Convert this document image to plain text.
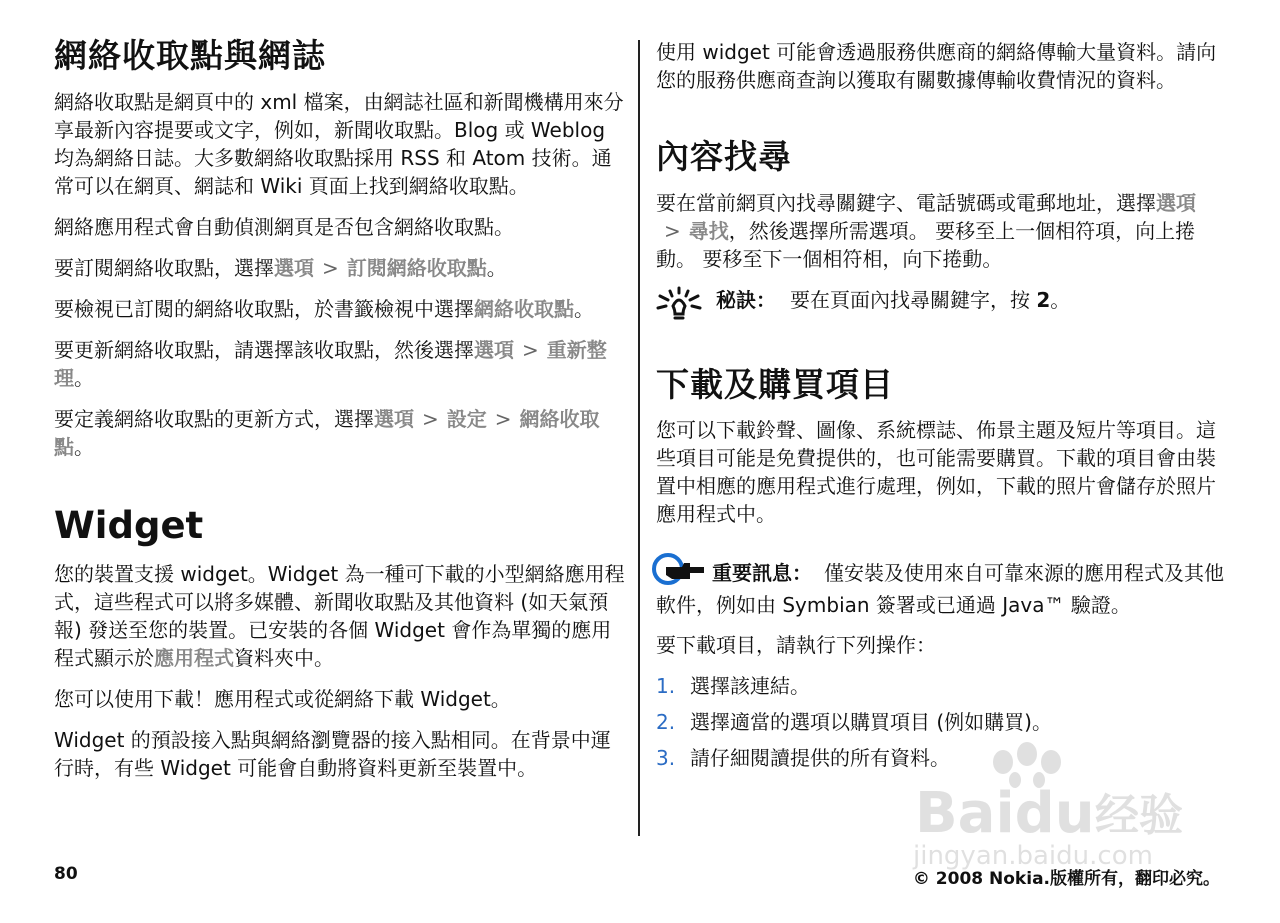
網絡收取點與網誌

網絡收取點是網頁中的 xml 檔案，由網誌社區和新聞機構用來分享最新內容提要或文字，例如，新聞收取點。Blog 或 Weblog 均為網絡日誌。大多數網絡收取點採用 RSS 和 Atom 技術。通常可以在網頁、網誌和 Wiki 頁面上找到網絡收取點。

網絡應用程式會自動偵測網頁是否包含網絡收取點。

要訂閱網絡收取點，選擇選項 > 訂閱網絡收取點。

要檢視已訂閱的網絡收取點，於書籤檢視中選擇網絡收取點。

要更新網絡收取點，請選擇該收取點，然後選擇選項 > 重新整理。

要定義網絡收取點的更新方式，選擇選項 > 設定 > 網絡收取點。

Widget

您的裝置支援 widget。Widget 為一種可下載的小型網絡應用程式，這些程式可以將多媒體、新聞收取點及其他資料 (如天氣預報) 發送至您的裝置。已安裝的各個 Widget 會作為單獨的應用程式顯示於應用程式資料夾中。

您可以使用下載！應用程式或從網絡下載 Widget。

Widget 的預設接入點與網絡瀏覽器的接入點相同。在背景中運行時，有些 Widget 可能會自動將資料更新至裝置中。

使用 widget 可能會透過服務供應商的網絡傳輸大量資料。請向您的服務供應商查詢以獲取有關數據傳輸收費情況的資料。

內容找尋

要在當前網頁內找尋關鍵字、電話號碼或電郵地址，選擇選項> 尋找，然後選擇所需選項。 要移至上一個相符項，向上捲動。 要移至下一個相符相，向下捲動。

秘訣： 要在頁面內找尋關鍵字，按 2。
下載及購買項目

您可以下載鈴聲、圖像、系統標誌、佈景主題及短片等項目。這些項目可能是免費提供的，也可能需要購買。下載的項目會由裝置中相應的應用程式進行處理，例如，下載的照片會儲存於照片應用程式中。

重要訊息： 僅安裝及使用來自可靠來源的應用程式及其他軟件，例如由 Symbian 簽署或已通過 Java™ 驗證。

要下載項目，請執行下列操作：

1. 選擇該連結。
2. 選擇適當的選項以購買項目 (例如購買)。
3. 請仔細閱讀提供的所有資料。
Baidu 经验
jingyan.baidu.com
80	© 2008 Nokia.版權所有，翻印必究。
